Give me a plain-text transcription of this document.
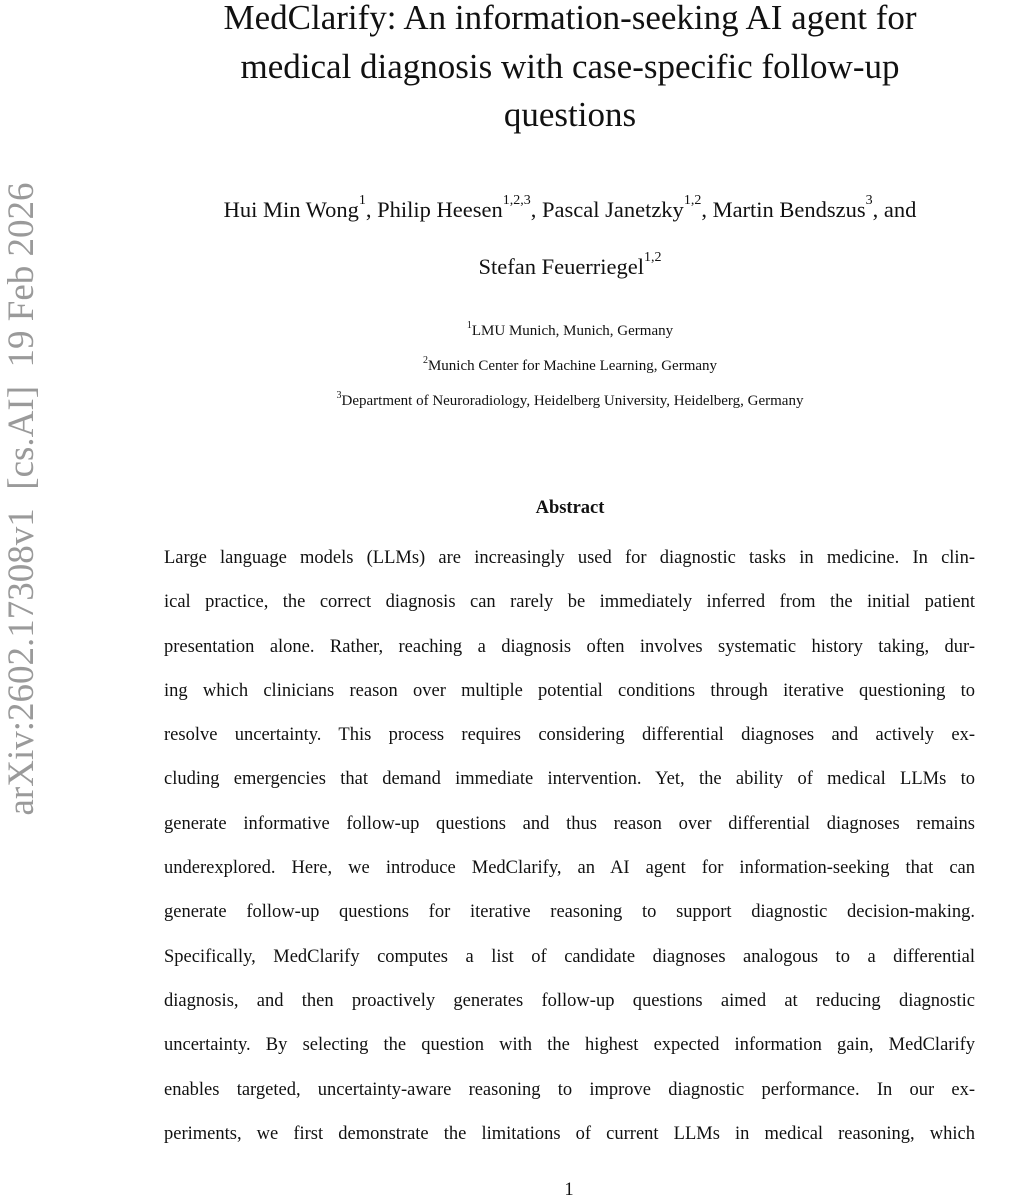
arXiv:2602.17308v1  [cs.AI]  19 Feb 2026
MedClarify: An information-seeking AI agent for
medical diagnosis with case-specific follow-up
questions
Hui Min Wong$^1$, Philip Heesen$^{1,2,3}$, Pascal Janetzky$^{1,2}$, Martin Bendszus$^3$, and
Stefan Feuerriegel$^{1,2}$
$^1$LMU Munich, Munich, Germany
$^2$Munich Center for Machine Learning, Germany
$^3$Department of Neuroradiology, Heidelberg University, Heidelberg, Germany
Abstract
Large language models (LLMs) are increasingly used for diagnostic tasks in medicine. In clin-
ical practice, the correct diagnosis can rarely be immediately inferred from the initial patient
presentation alone. Rather, reaching a diagnosis often involves systematic history taking, dur-
ing which clinicians reason over multiple potential conditions through iterative questioning to
resolve uncertainty. This process requires considering differential diagnoses and actively ex-
cluding emergencies that demand immediate intervention. Yet, the ability of medical LLMs to
generate informative follow-up questions and thus reason over differential diagnoses remains
underexplored. Here, we introduce MedClarify, an AI agent for information-seeking that can
generate follow-up questions for iterative reasoning to support diagnostic decision-making.
Specifically, MedClarify computes a list of candidate diagnoses analogous to a differential
diagnosis, and then proactively generates follow-up questions aimed at reducing diagnostic
uncertainty. By selecting the question with the highest expected information gain, MedClarify
enables targeted, uncertainty-aware reasoning to improve diagnostic performance. In our ex-
periments, we first demonstrate the limitations of current LLMs in medical reasoning, which
1
